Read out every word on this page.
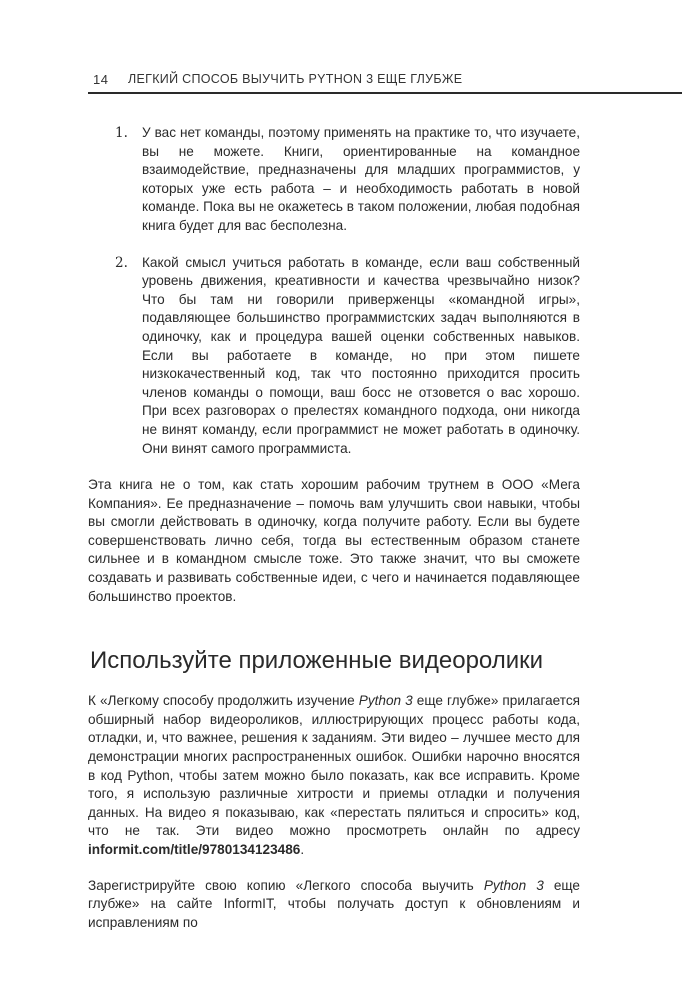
14 ЛЕГКИЙ СПОСОБ ВЫУЧИТЬ PYTHON 3 ЕЩЕ ГЛУБЖЕ
1. У вас нет команды, поэтому применять на практике то, что изучаете, вы не можете. Книги, ориентированные на командное взаимодействие, предназначены для младших программистов, у которых уже есть работа – и необходимость работать в новой команде. Пока вы не окажетесь в таком положении, любая подобная книга будет для вас бесполезна.

2. Какой смысл учиться работать в команде, если ваш собственный уровень движения, креативности и качества чрезвычайно низок? Что бы там ни говорили приверженцы «командной игры», подавляющее большинство программистских задач выполняются в одиночку, как и процедура вашей оценки собственных навыков. Если вы работаете в команде, но при этом пишете низкокачественный код, так что постоянно приходится просить членов команды о помощи, ваш босс не отзовется о вас хорошо. При всех разговорах о прелестях командного подхода, они никогда не винят команду, если программист не может работать в одиночку. Они винят самого программиста.

Эта книга не о том, как стать хорошим рабочим трутнем в ООО «Мега Компания». Ее предназначение – помочь вам улучшить свои навыки, чтобы вы смогли действовать в одиночку, когда получите работу. Если вы будете совершенствовать лично себя, тогда вы естественным образом станете сильнее и в командном смысле тоже. Это также значит, что вы сможете создавать и развивать собственные идеи, с чего и начинается подавляющее большинство проектов.

Используйте приложенные видеоролики

К «Легкому способу продолжить изучение Python 3 еще глубже» прилагается обширный набор видеороликов, иллюстрирующих процесс работы кода, отладки, и, что важнее, решения к заданиям. Эти видео – лучшее место для демонстрации многих распространенных ошибок. Ошибки нарочно вносятся в код Python, чтобы затем можно было показать, как все исправить. Кроме того, я использую различные хитрости и приемы отладки и получения данных. На видео я показываю, как «перестать пялиться и спросить» код, что не так. Эти видео можно просмотреть онлайн по адресу informit.com/title/9780134123486.

Зарегистрируйте свою копию «Легкого способа выучить Python 3 еще глубже» на сайте InformIT, чтобы получать доступ к обновлениям и исправлениям по
